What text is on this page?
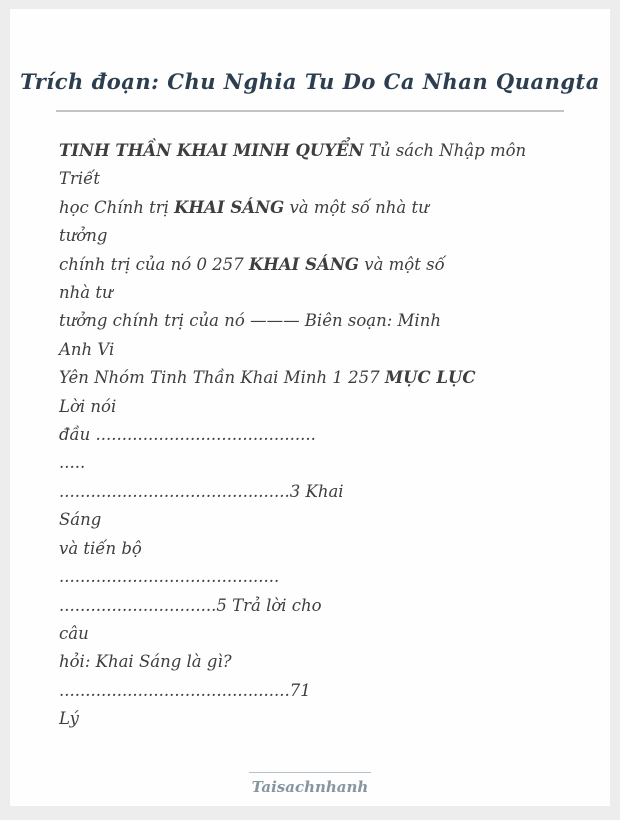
Trích đoạn: Chu Nghia Tu Do Ca Nhan Quangta
TINH THẦN KHAI MINH QUYỂN Tủ sách Nhập môn
Triết
học Chính trị KHAI SÁNG và một số nhà tư
tưởng
chính trị của nó 0 257 KHAI SÁNG và một số
nhà tư
tưởng chính trị của nó ——— Biên soạn: Minh
Anh Vi
Yên Nhóm Tinh Thần Khai Minh 1 257 MỤC LỤC
Lời nói
đầu ..........................................
.....
............................................3 Khai
Sáng
và tiến bộ
..........................................
..............................5 Trả lời cho
câu
hỏi: Khai Sáng là gì?
............................................71
Lý
Taisachnhanh
